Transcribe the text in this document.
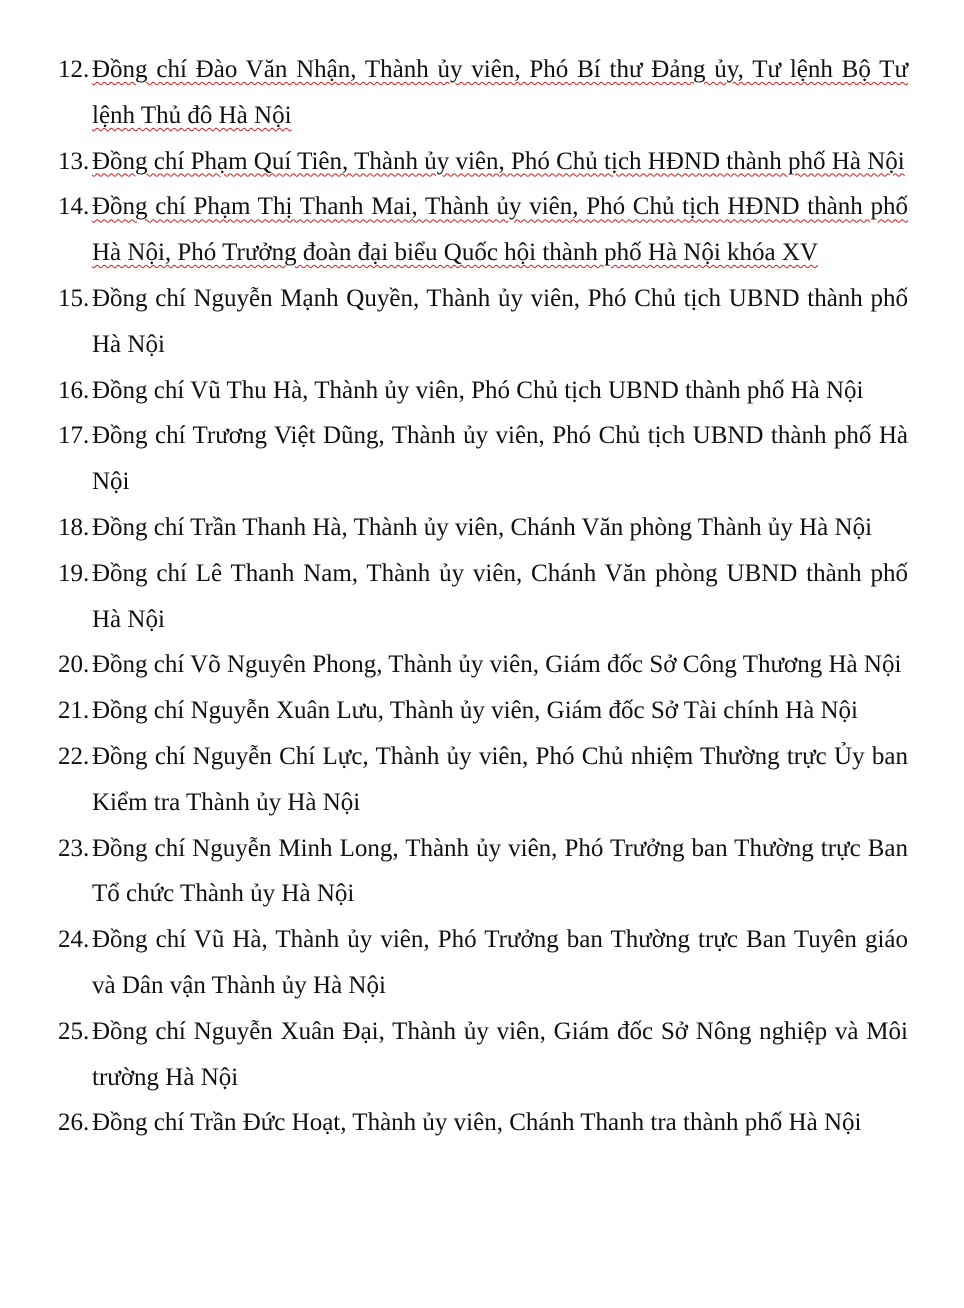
12. Đồng chí Đào Văn Nhận, Thành ủy viên, Phó Bí thư Đảng ủy, Tư lệnh Bộ Tư lệnh Thủ đô Hà Nội
13. Đồng chí Phạm Quí Tiên, Thành ủy viên, Phó Chủ tịch HĐND thành phố Hà Nội
14. Đồng chí Phạm Thị Thanh Mai, Thành ủy viên, Phó Chủ tịch HĐND thành phố Hà Nội, Phó Trưởng đoàn đại biểu Quốc hội thành phố Hà Nội khóa XV
15. Đồng chí Nguyễn Mạnh Quyền, Thành ủy viên, Phó Chủ tịch UBND thành phố Hà Nội
16. Đồng chí Vũ Thu Hà, Thành ủy viên, Phó Chủ tịch UBND thành phố Hà Nội
17. Đồng chí Trương Việt Dũng, Thành ủy viên, Phó Chủ tịch UBND thành phố Hà Nội
18. Đồng chí Trần Thanh Hà, Thành ủy viên, Chánh Văn phòng Thành ủy Hà Nội
19. Đồng chí Lê Thanh Nam, Thành ủy viên, Chánh Văn phòng UBND thành phố Hà Nội
20. Đồng chí Võ Nguyên Phong, Thành ủy viên, Giám đốc Sở Công Thương Hà Nội
21. Đồng chí Nguyễn Xuân Lưu, Thành ủy viên, Giám đốc Sở Tài chính Hà Nội
22. Đồng chí Nguyễn Chí Lực, Thành ủy viên, Phó Chủ nhiệm Thường trực Ủy ban Kiểm tra Thành ủy Hà Nội
23. Đồng chí Nguyễn Minh Long, Thành ủy viên, Phó Trưởng ban Thường trực Ban Tổ chức Thành ủy Hà Nội
24. Đồng chí Vũ Hà, Thành ủy viên, Phó Trưởng ban Thường trực Ban Tuyên giáo và Dân vận Thành ủy Hà Nội
25. Đồng chí Nguyễn Xuân Đại, Thành ủy viên, Giám đốc Sở Nông nghiệp và Môi trường Hà Nội
26. Đồng chí Trần Đức Hoạt, Thành ủy viên, Chánh Thanh tra thành phố Hà Nội
